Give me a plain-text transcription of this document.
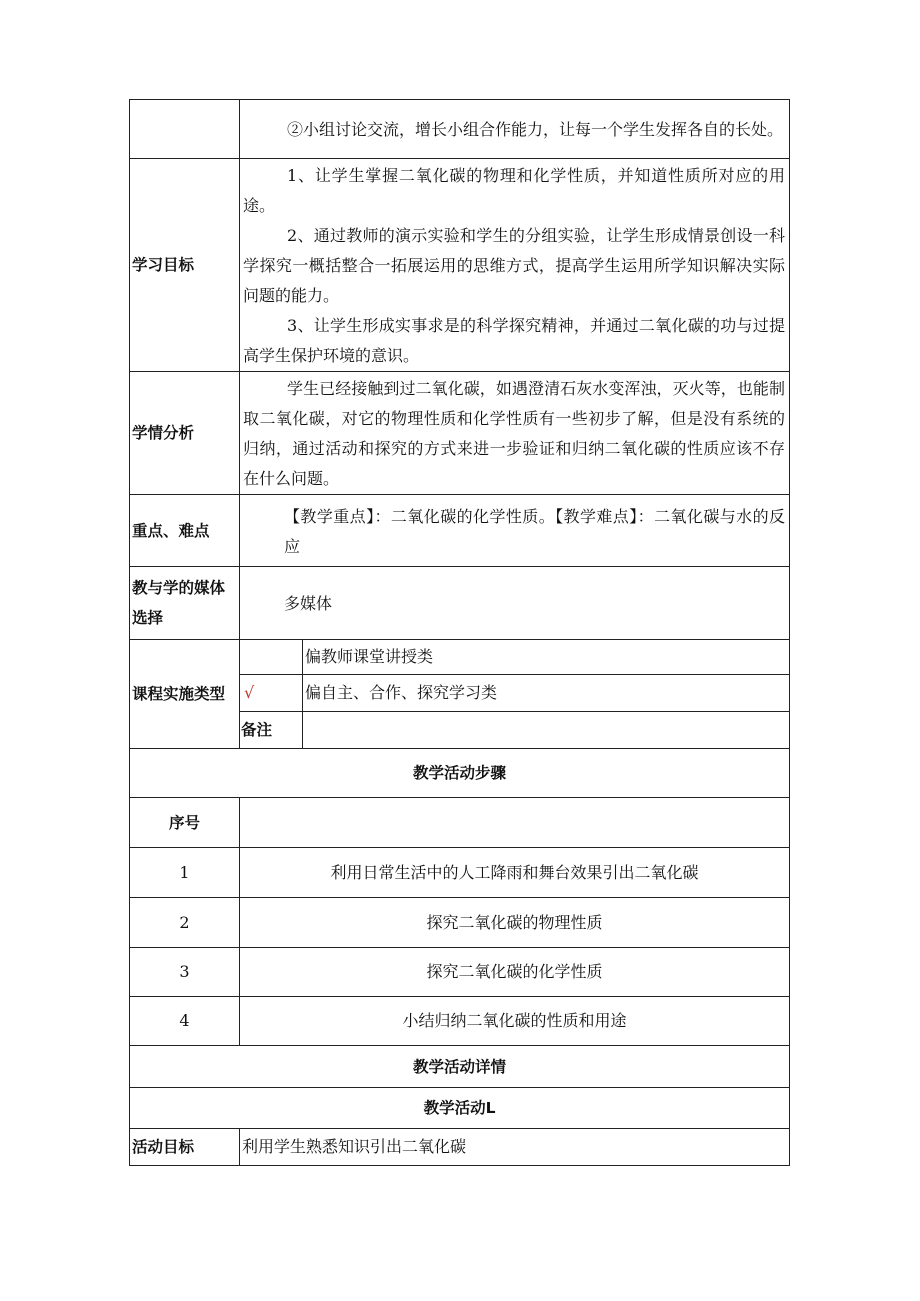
	②小组讨论交流，增长小组合作能力，让每一个学生发挥各自的长处。	

学习目标	1、让学生掌握二氧化碳的物理和化学性质，并知道性质所对应的用途。

2、通过教师的演示实验和学生的分组实验，让学生形成情景创设一科学探究一概括整合一拓展运用的思维方式，提高学生运用所学知识解决实际问题的能力。

3、让学生形成实事求是的科学探究精神，并通过二氧化碳的功与过提高学生保护环境的意识。	

学情分析	学生已经接触到过二氧化碳，如遇澄清石灰水变浑浊，灭火等，也能制取二氧化碳，对它的物理性质和化学性质有一些初步了解，但是没有系统的归纳，通过活动和探究的方式来进一步验证和归纳二氧化碳的性质应该不存在什么问题。	

重点、难点	【教学重点】：二氧化碳的化学性质。【教学难点】：二氧化碳与水的反应	

教与学的媒体
选择	多媒体	
课程实施类型		偏教师课堂讲授类
	√	偏自主、合作、探究学习类
	备注	
教学活动步骤		
序号		
1	利用日常生活中的人工降雨和舞台效果引出二氧化碳	
2	探究二氧化碳的物理性质	
3	探究二氧化碳的化学性质	
4	小结归纳二氧化碳的性质和用途	
教学活动详情		
教学活动L		
活动目标	利用学生熟悉知识引出二氧化碳	
